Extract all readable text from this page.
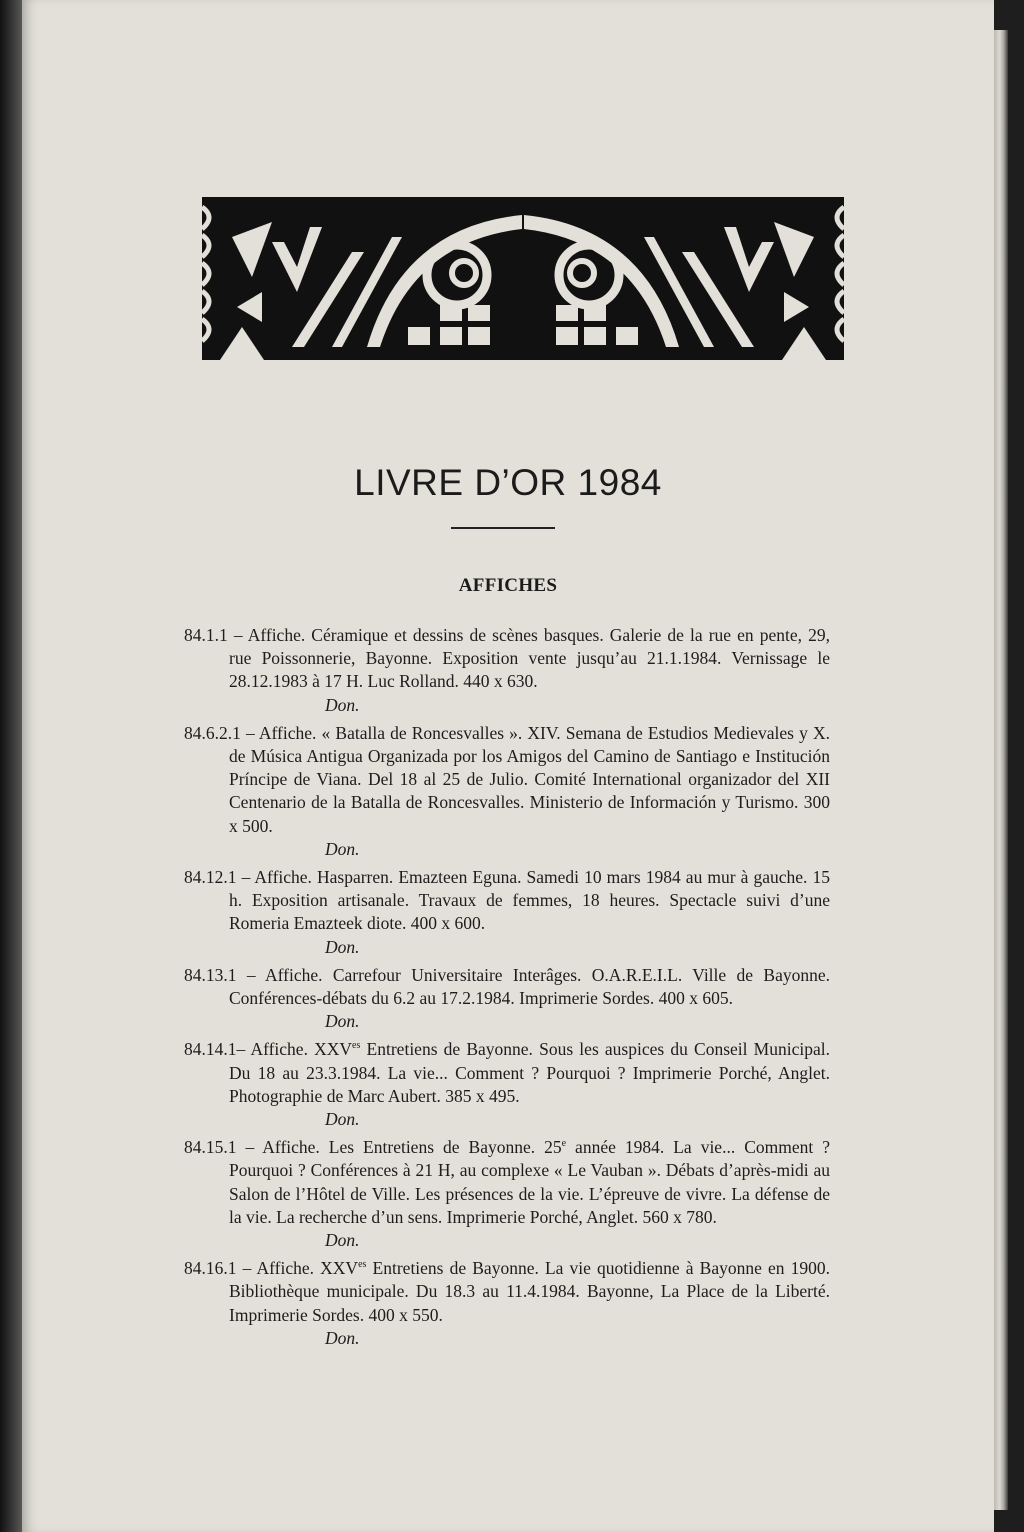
LIVRE D’OR 1984
AFFICHES
84.1.1 – Affiche. Céramique et dessins de scènes basques. Galerie de la rue en pente, 29, rue Poissonnerie, Bayonne. Exposition vente jusqu’au 21.1.1984. Vernissage le 28.12.1983 à 17 H. Luc Rolland. 440 x 630.
Don.
84.6.2.1 – Affiche. « Batalla de Roncesvalles ». XIV. Semana de Estudios Medievales y X. de Música Antigua Organizada por los Amigos del Camino de Santiago e Institución Príncipe de Viana. Del 18 al 25 de Julio. Comité International organizador del XII Centenario de la Batalla de Roncesvalles. Ministerio de Información y Turismo. 300 x 500.
Don.
84.12.1 – Affiche. Hasparren. Emazteen Eguna. Samedi 10 mars 1984 au mur à gauche. 15 h. Exposition artisanale. Travaux de femmes, 18 heures. Spectacle suivi d’une Romeria Emazteek diote. 400 x 600.
Don.
84.13.1 – Affiche. Carrefour Universitaire Interâges. O.A.R.E.I.L. Ville de Bayonne. Conférences-débats du 6.2 au 17.2.1984. Imprimerie Sordes. 400 x 605.
Don.
84.14.1– Affiche. $XXV^{es}$ Entretiens de Bayonne. Sous les auspices du Conseil Municipal. Du 18 au 23.3.1984. La vie... Comment ? Pourquoi ? Imprimerie Porché, Anglet. Photographie de Marc Aubert. 385 x 495.
Don.
84.15.1 – Affiche. Les Entretiens de Bayonne. 25e année 1984. La vie... Comment ? Pourquoi ? Conférences à 21 H, au complexe « Le Vauban ». Débats d’après-midi au Salon de l’Hôtel de Ville. Les présences de la vie. L’épreuve de vivre. La défense de la vie. La recherche d’un sens. Imprimerie Porché, Anglet. 560 x 780.
Don.
84.16.1 – Affiche. $XXV^{es}$ Entretiens de Bayonne. La vie quotidienne à Bayonne en 1900. Bibliothèque municipale. Du 18.3 au 11.4.1984. Bayonne, La Place de la Liberté. Imprimerie Sordes. 400 x 550.
Don.
